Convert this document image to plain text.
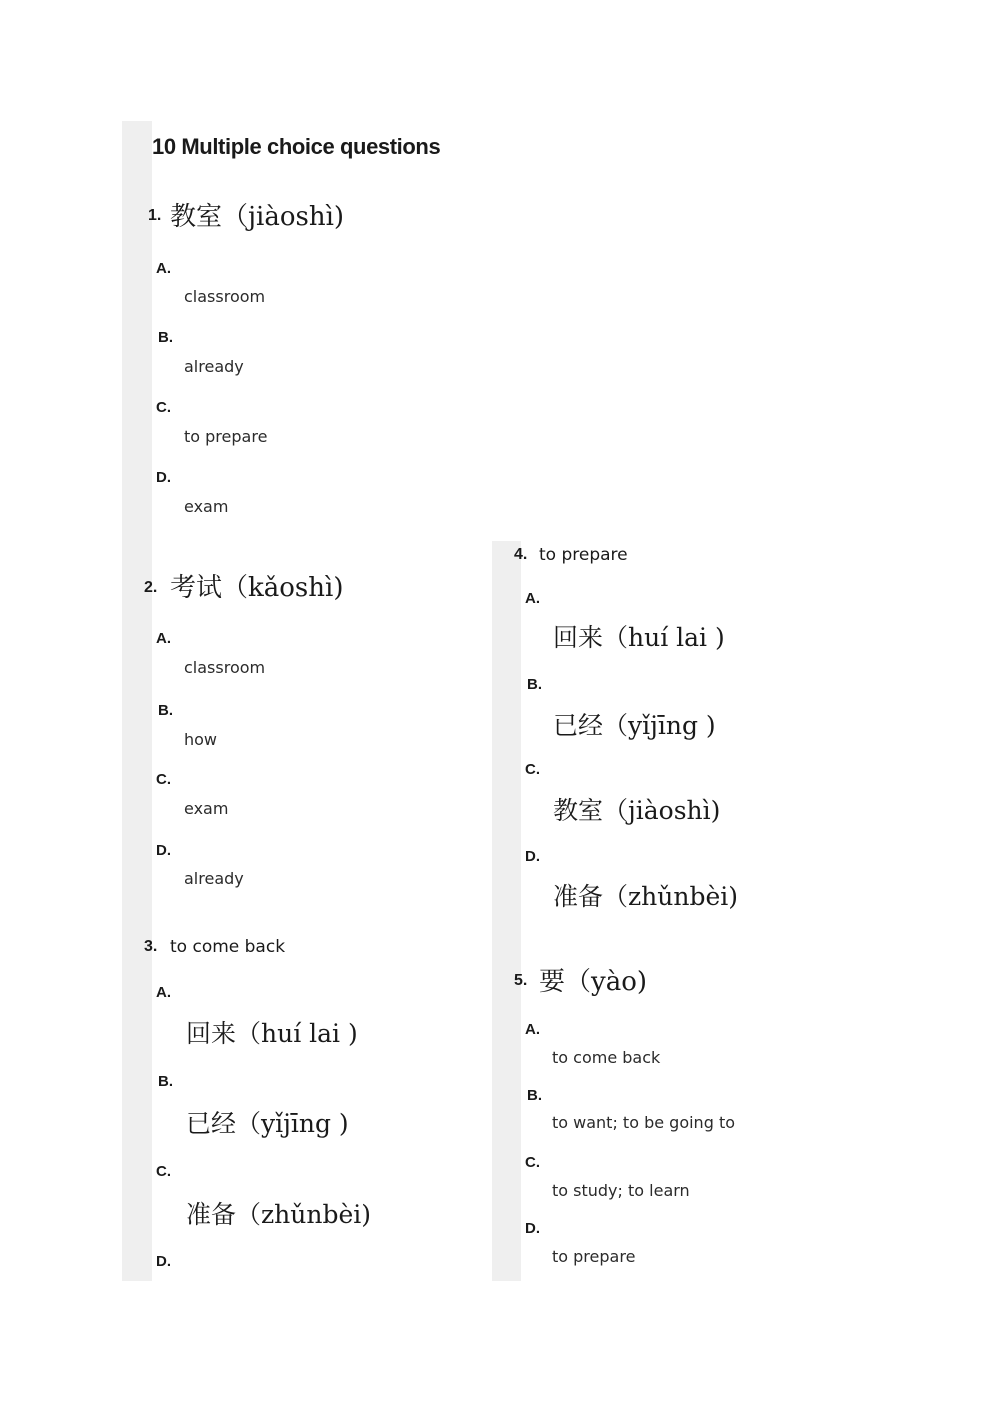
10 Multiple choice questions
1. 教室（jiàoshì)
A.
classroom
B.
already
C.
to prepare
D.
exam
2. 考试（kǎoshì)
A.
classroom
B.
how
C.
exam
D.
already
3. to come back
A.
回来（huí lai )
B.
已经（yǐjīng )
C.
准备（zhǔnbèi)
D.
4. to prepare
A.
回来（huí lai )
B.
已经（yǐjīng )
C.
教室（jiàoshì)
D.
准备（zhǔnbèi)
5. 要（yào)
A.
to come back
B.
to want; to be going to
C.
to study; to learn
D.
to prepare
